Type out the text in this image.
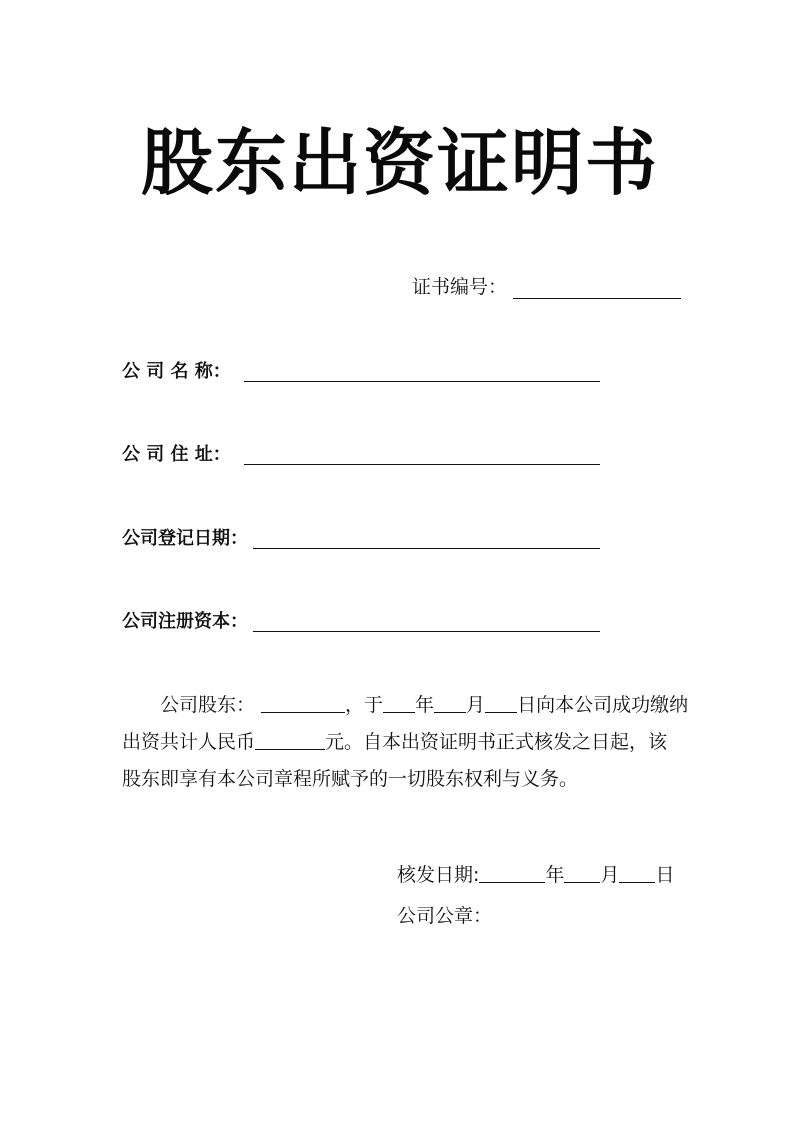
股东出资证明书
证书编号：
公 司 名 称：
公 司 住 址：
公司登记日期：
公司注册资本：
公司股东：	，于 年 月 日向本公司成功缴纳
出资共计人民币	元。自本出资证明书正式核发之日起，该
股东即享有本公司章程所赋予的一切股东权利与义务。
核发日期:	年 月 日
公司公章：
